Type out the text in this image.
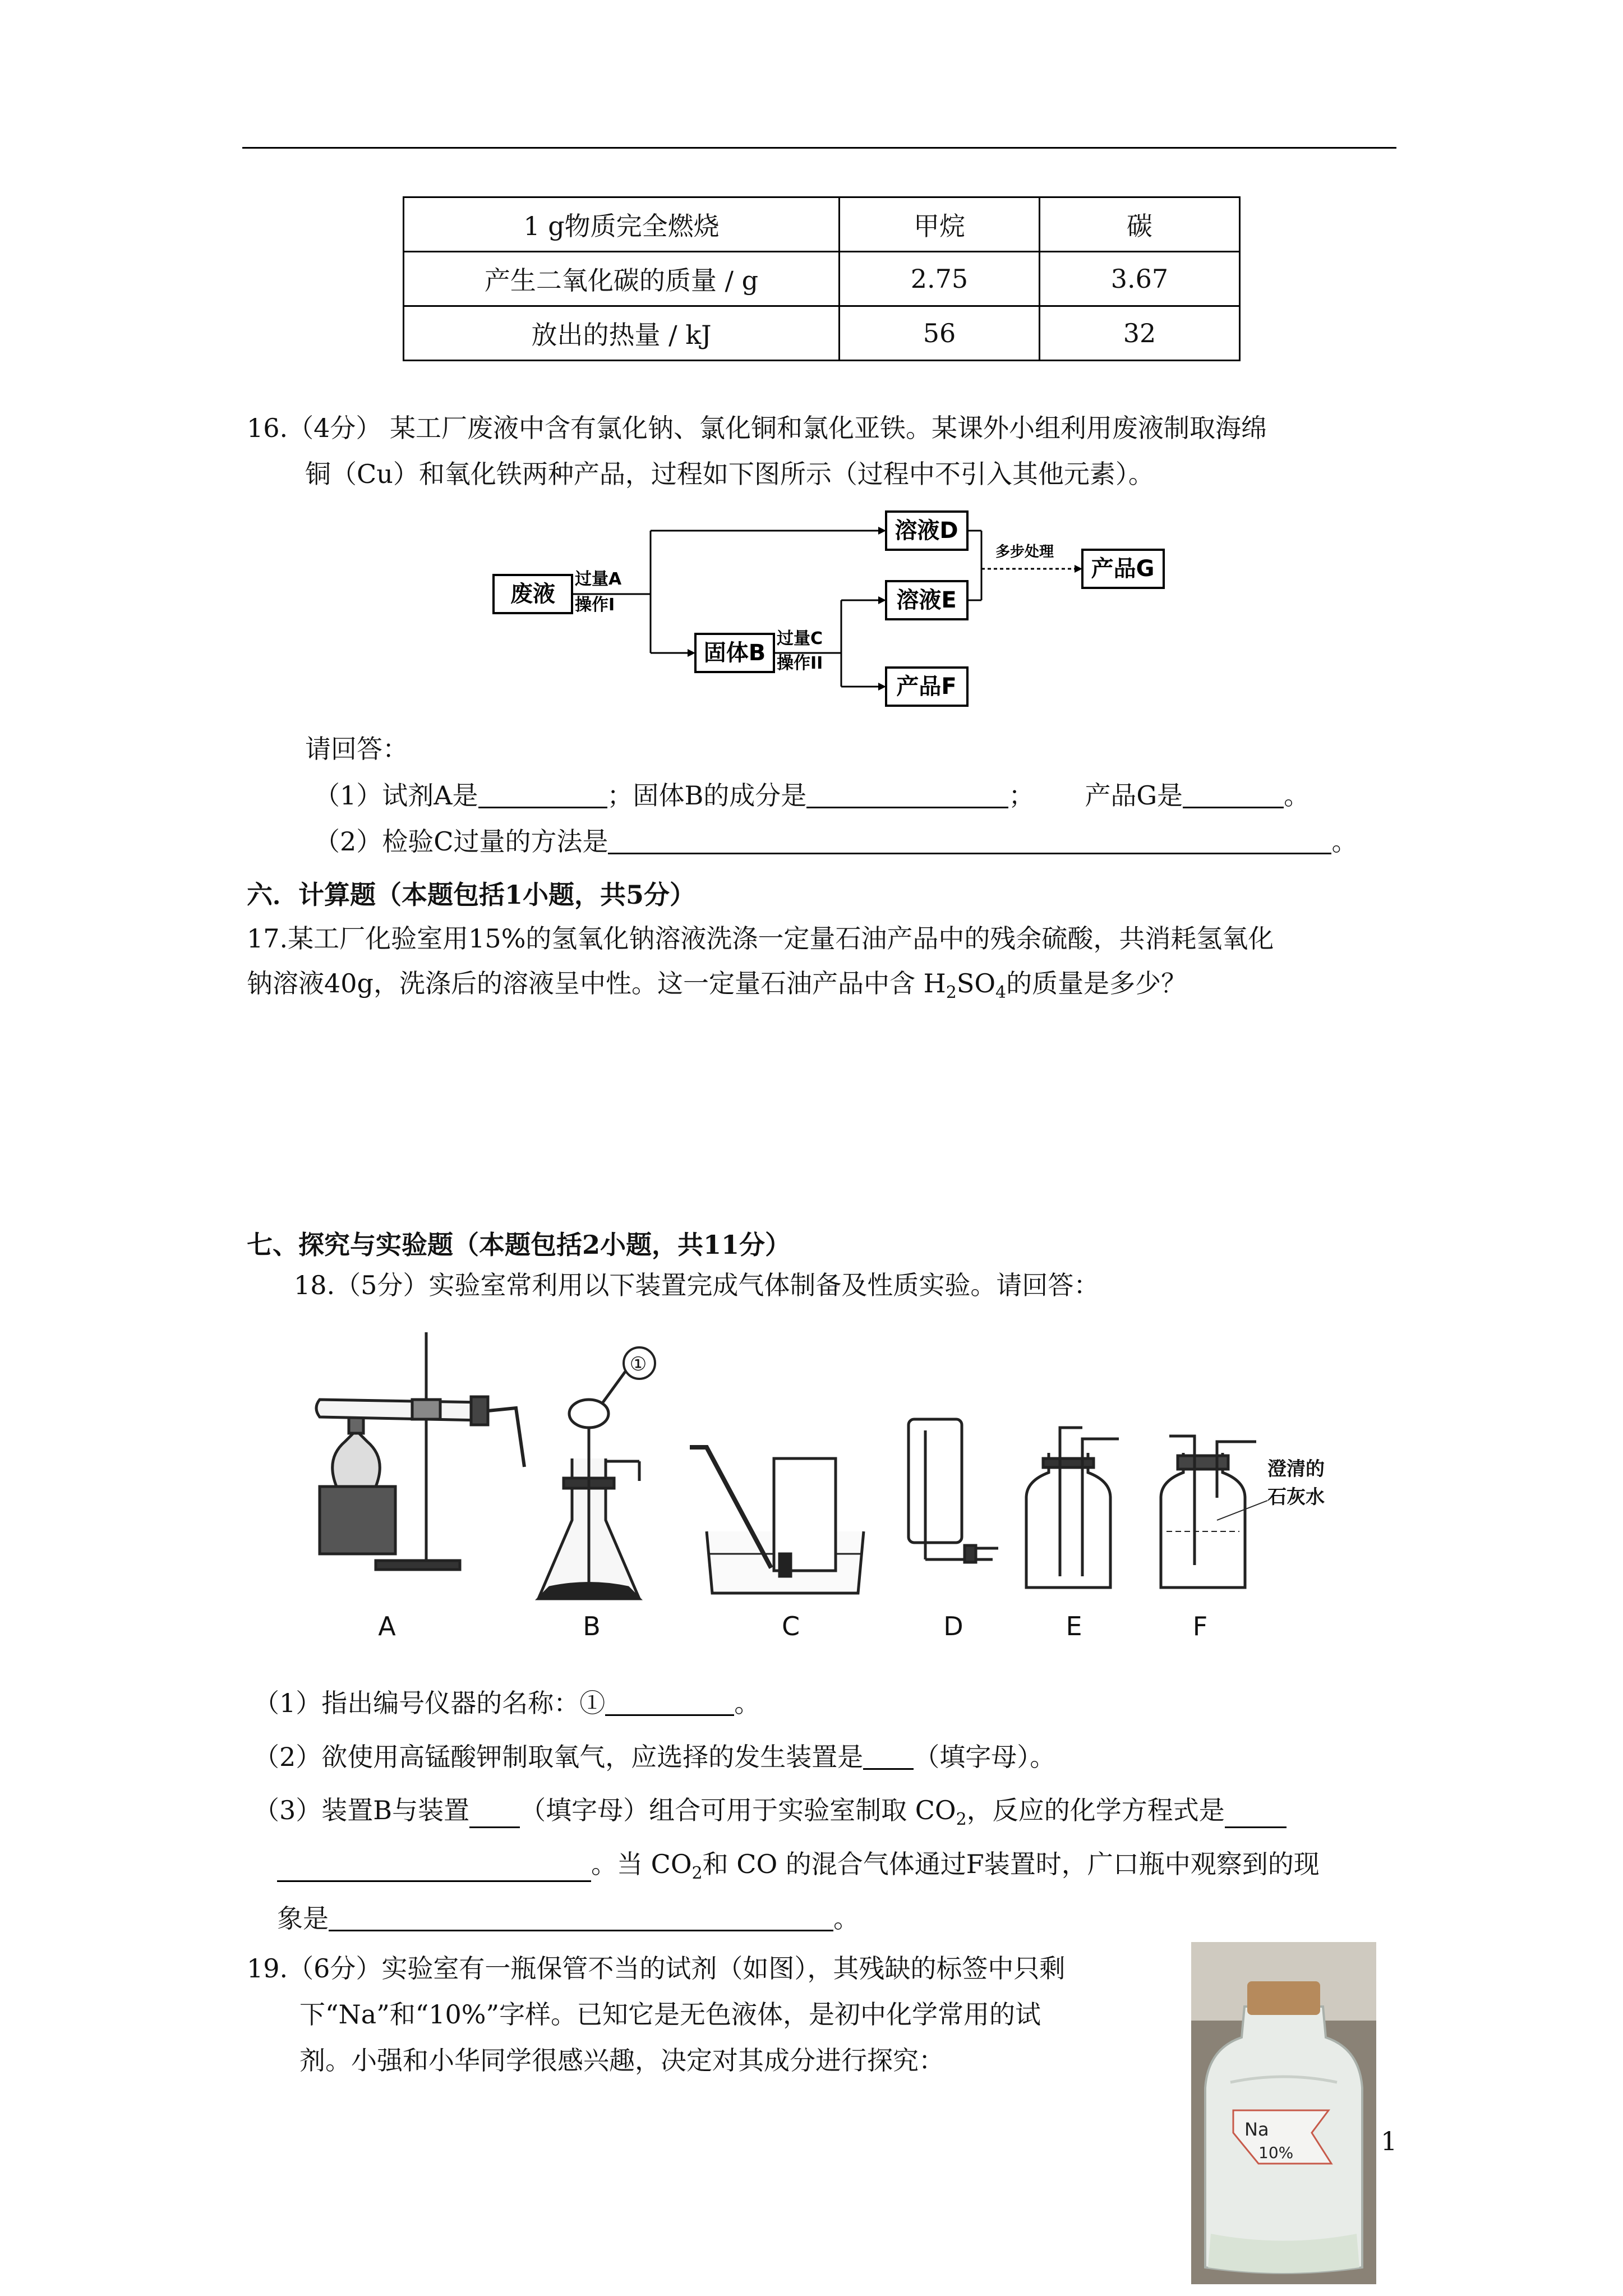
1 g物质完全燃烧	甲烷	碳
产生二氧化碳的质量 / g	2.75	3.67
放出的热量 / kJ	56	32
16.（4分） 某工厂废液中含有氯化钠、氯化铜和氯化亚铁。某课外小组利用废液制取海绵
铜（Cu）和氧化铁两种产品，过程如下图所示（过程中不引入其他元素）。
废液
固体B
溶液D
溶液E
产品F
产品G
过量A
操作I
过量C
操作II
多步处理
请回答：
（1）试剂A是	；固体B的成分是	； 产品G是	。
（2）检验C过量的方法是	。
六．计算题（本题包括1小题，共5分）
17.某工厂化验室用15%的氢氧化钠溶液洗涤一定量石油产品中的残余硫酸，共消耗氢氧化
钠溶液40g，洗涤后的溶液呈中性。这一定量石油产品中含 $H_2SO_4$的质量是多少？
七、探究与实验题（本题包括2小题，共11分）
18.（5分）实验室常利用以下装置完成气体制备及性质实验。请回答：
①
澄清的
石灰水
A	B	C	D	E	F
（1）指出编号仪器的名称：①	。
（2）欲使用高锰酸钾制取氧气，应选择的发生装置是 （填字母）。
（3）装置B与装置 （填字母）组合可用于实验室制取 $CO_2$，反应的化学方程式是
。当 $CO_2$和 CO 的混合气体通过F装置时，广口瓶中观察到的现
象是	。
19.（6分）实验室有一瓶保管不当的试剂（如图），其残缺的标签中只剩
下“Na”和“10%”字样。已知它是无色液体，是初中化学常用的试
剂。小强和小华同学很感兴趣，决定对其成分进行探究：
Na
10%	1
